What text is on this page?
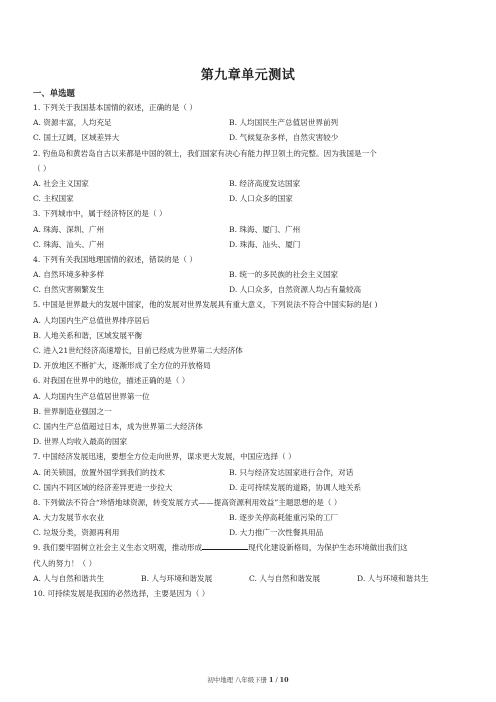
第九章单元测试
一、单选题
1. 下列关于我国基本国情的叙述，正确的是（ ）
A. 资源丰富，人均充足	B. 人均国民生产总值居世界前列
C. 国土辽阔，区域差异大	D. 气候复杂多样，自然灾害较少
2. 钓鱼岛和黄岩岛自古以来都是中国的领土，我们国家有决心有能力捍卫领土的完整。因为我国是一个
（ ）
A. 社会主义国家	B. 经济高度发达国家
C. 主权国家	D. 人口众多的国家
3. 下列城市中，属于经济特区的是（ ）
A. 珠海、深圳、广州	B. 珠海、厦门、广州
C. 珠海、汕头、广州	D. 珠海、汕头、厦门
4. 下列有关我国地理国情的叙述，错误的是（ ）
A. 自然环境多种多样	B. 统一的多民族的社会主义国家
C. 自然灾害频繁发生	D. 人口众多，自然资源人均占有量较高
5. 中国是世界最大的发展中国家，他的发展对世界发展具有重大意义，下列说法不符合中国实际的是( )
A. 人均国内生产总值世界排序居后
B. 人地关系和谐，区域发展平衡
C. 进入21世纪经济高速增长，目前已经成为世界第二大经济体
D. 开放地区不断扩大，逐渐形成了全方位的开放格局
6. 对我国在世界中的地位，描述正确的是（ ）
A. 人均国内生产总值居世界第一位
B. 世界制造业强国之一
C. 国内生产总值超过日本，成为世界第二大经济体
D. 世界人均收入最高的国家
7. 中国经济发展迅速，要想全方位走向世界，谋求更大发展，中国应选择（ ）
A. 闭关锁国，放置外国学到我们的技术	B. 只与经济发达国家进行合作，对话
C. 国内不同区域的经济差异更进一步拉大	D. 走可持续发展的道路，协调人地关系
8. 下列做法不符合“珍惜地球资源，转变发展方式——提高资源利用效益”主题思想的是（ ）
A. 大力发展节水农业	B. 逐步关停高耗能重污染的工厂
C. 垃圾分类，资源再利用	D. 大力推广一次性餐具用品
9. 我们要牢固树立社会主义生态文明观，推动形成	现代化建设新格局，为保护生态环境做出我们这
代人的努力！（ ）
A. 人与自然和谐共生	B. 人与环境和谐发展	C. 人与自然和谐发展	D. 人与环境和谐共生
10. 可持续发展是我国的必然选择，主要是因为（ ）
初中地理 八年级下册 1 / 10
